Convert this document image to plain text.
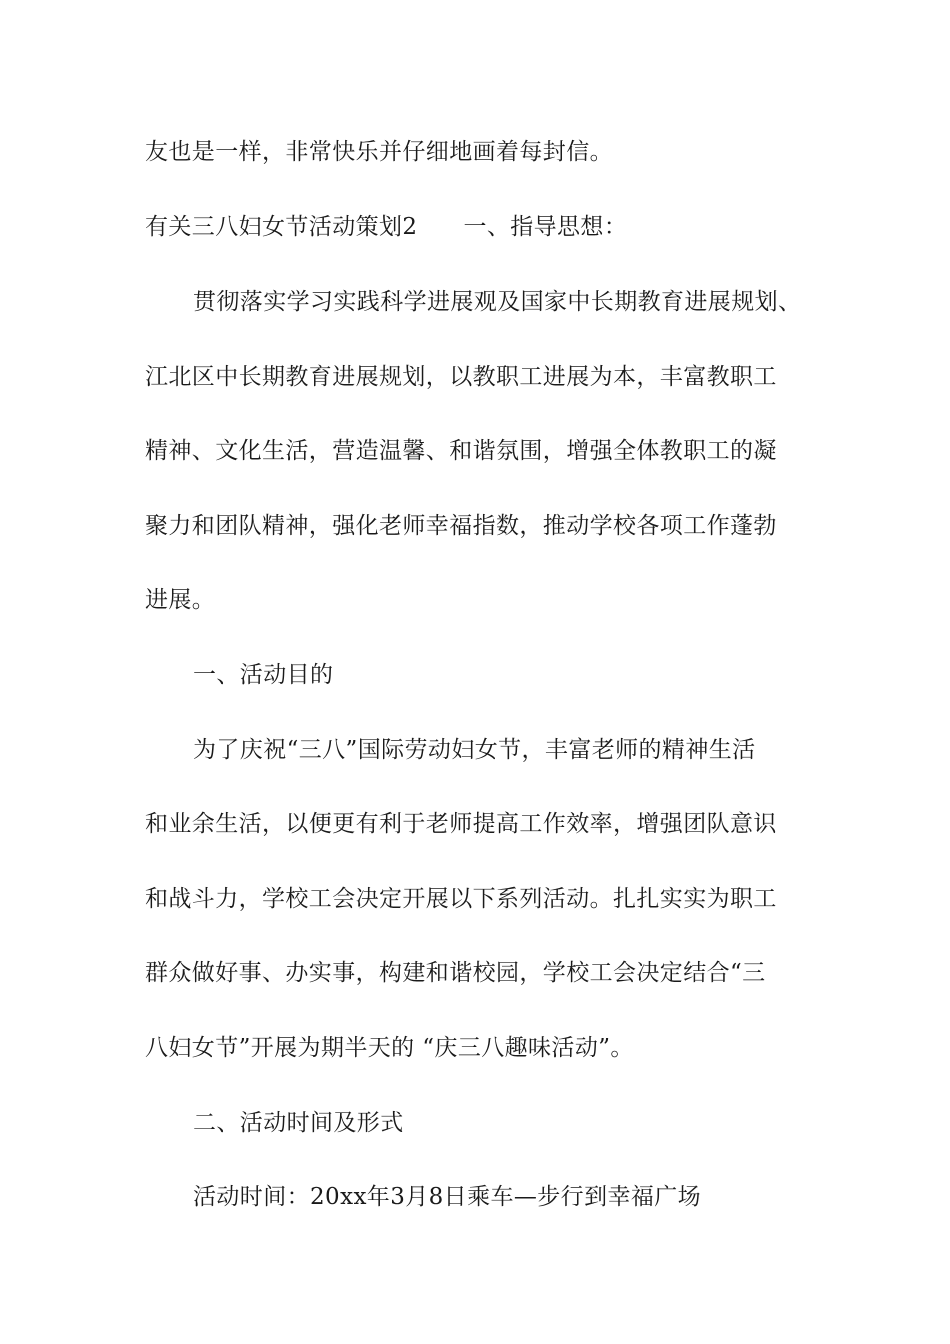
友也是一样，非常快乐并仔细地画着每封信。
有关三八妇女节活动策划2 一、指导思想：
贯彻落实学习实践科学进展观及国家中长期教育进展规划、
江北区中长期教育进展规划，以教职工进展为本，丰富教职工
精神、文化生活，营造温馨、和谐氛围，增强全体教职工的凝
聚力和团队精神，强化老师幸福指数，推动学校各项工作蓬勃
进展。
一、活动目的
为了庆祝“三八”国际劳动妇女节，丰富老师的精神生活
和业余生活，以便更有利于老师提高工作效率，增强团队意识
和战斗力，学校工会决定开展以下系列活动。扎扎实实为职工
群众做好事、办实事，构建和谐校园，学校工会决定结合“三
八妇女节”开展为期半天的 “庆三八趣味活动”。
二、活动时间及形式
活动时间：20xx年3月8日乘车—步行到幸福广场
